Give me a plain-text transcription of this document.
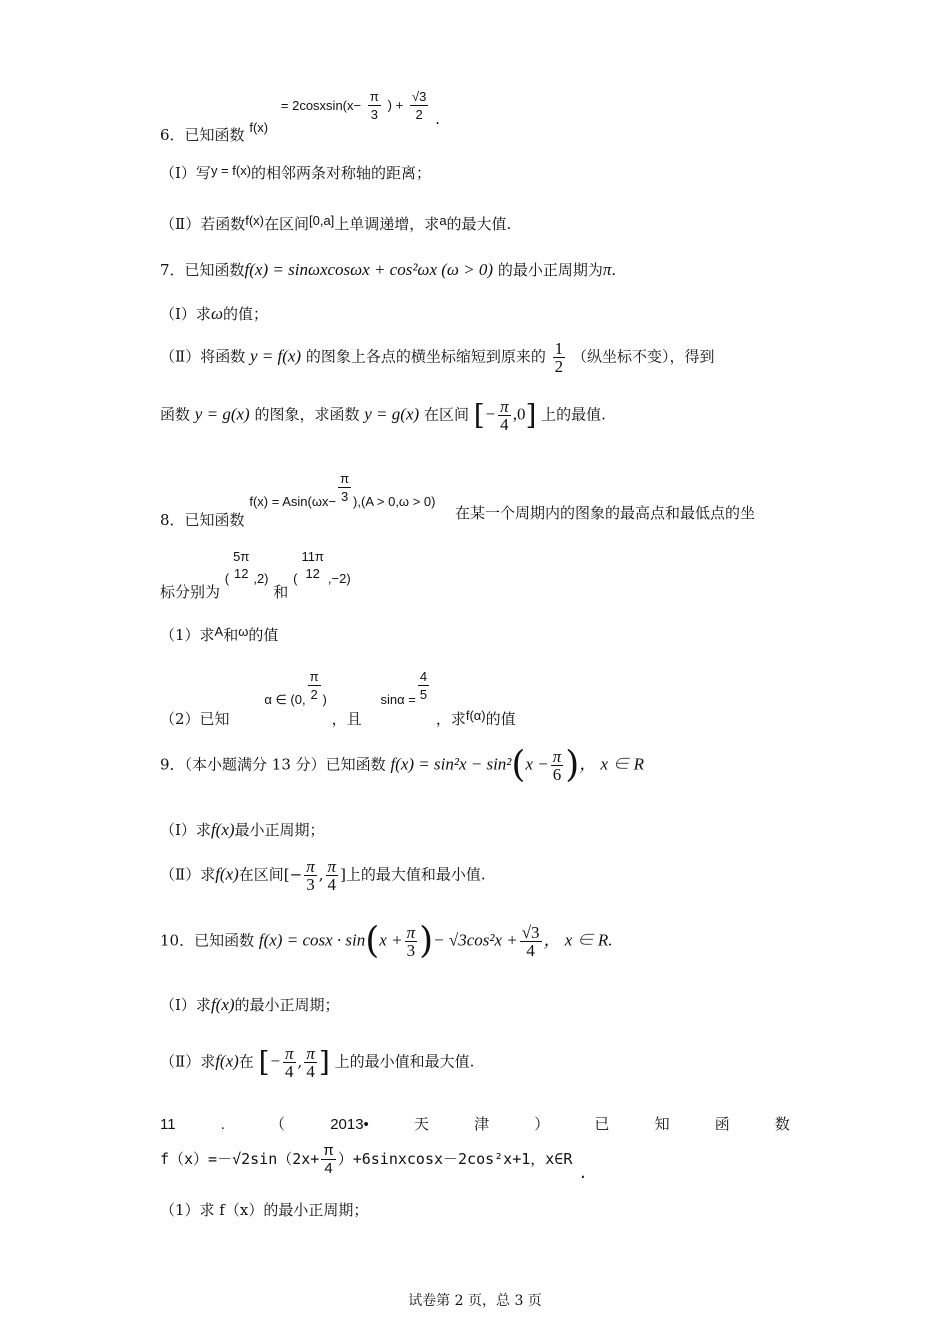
6．已知函数 f(x) = 2cosxsin(x− $\frac{\pi}{3}$ ) + $\frac{√3}{2}$ .
（Ⅰ）写y = f(x)的相邻两条对称轴的距离；
（Ⅱ）若函数f(x)在区间[0,a]上单调递增，求a的最大值.
7．已知函数f(x) = sinωxcosωx + cos²ωx (ω > 0) 的最小正周期为π.
（Ⅰ）求ω的值；
（Ⅱ）将函数 y = f(x) 的图象上各点的横坐标缩短到原来的 $\frac{1}{2}$ （纵坐标不变），得到
函数 y = g(x) 的图象，求函数 y = g(x) 在区间 [− $\frac{\pi}{4} ,0$] 上的最值.
8．已知函数 $f(x) = Asin(\omega x- \frac{\pi}{3} ),(A > 0,\omega > 0)$
在某一个周期内的图象的最高点和最低点的坐
标分别为 (
5π
12 ,2) 和 (
11π
12 ,−2)
（1）求A和ω的值
（2）已知 α ∈ (0, $\frac{\pi}{2}$ ) ，且 $\sin\alpha = \frac{4}{5}$
，求f(α)的值
9．（本小题满分 13 分）已知函数 $f(x) = \sin^2x - \sin^2(x - \frac{\pi}{6}$ )， x ∈ R
（Ⅰ）求f(x)最小正周期；
（Ⅱ）求f(x)在区间[− $\frac{\pi}{3}$ , $\frac{\pi}{4}$ ]上的最大值和最小值.
10．已知函数 $f(x) = \cos x \cdot \sin(x + \frac{\pi}{3}$ )− $√3\cos^2x + \frac{√3}{4}$ ， x ∈ R.
（Ⅰ）求f(x)的最小正周期；
（Ⅱ）求f(x)在 [− $\frac{\pi}{4}$ , $\frac{\pi}{4}$ ] 上的最小值和最大值.
11	.	（	2013•	天	津	）	已	知	函	数
$f(x)=-√2\sin(2x+ \frac{\pi}{4}$ ）+6sinxcosx－2cos²x+1，x∈R.
（1）求 f（x）的最小正周期；
试卷第 2 页，总 3 页
